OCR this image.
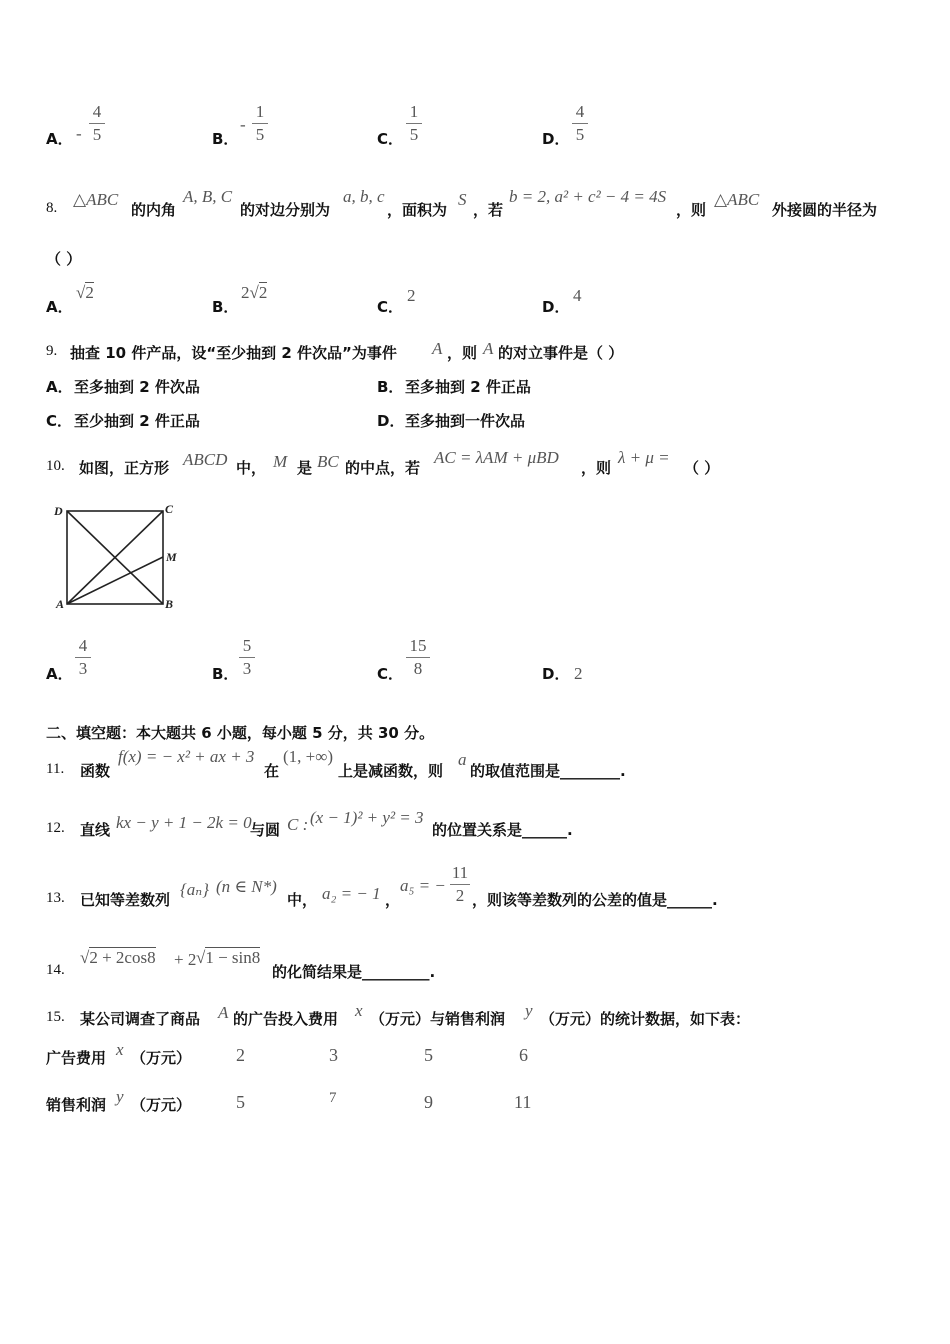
A． -
4
5	B．
-
1
5	C．
1
5	D．
4
5
8. △ABC
的内角
A, B, C
的对边分别为
a, b, c
，面积为
S
，若
b = 2, a² + c² − 4 = 4S
，则
△ABC
外接圆的半径为
（ ）
A．
√2
B．
2√2
C．
2
D．
4
9. 抽查 10 件产品，设“至少抽到 2 件次品”为事件 A ，则 A 的对立事件是（ ）
A． 至多抽到 2 件次品	B． 至多抽到 2 件正品
C． 至少抽到 2 件正品	D． 至多抽到一件次品
10. 如图，正方形 ABCD 中， M 是 BC 的中点，若
AC = λAM + μBD
，则
λ + μ =
（ ）
D	C
M
A	B
A．
4
3	B．
5
3	C．
15
8	D． 2
二、填空题：本大题共 6 小题，每小题 5 分，共 30 分。
11. 函数
f(x) = − x² + ax + 3
在
(1, +∞)
上是减函数，则
a
的取值范围是________.
12. 直线 kx − y + 1 − 2k = 0
与圆 C : (x − 1)² + y² = 3
的位置关系是______.
13. 已知等差数列
{aₙ} (n ∈ N*)
中， a₂ = − 1 ，
a₅ = −
11
2 ，则该等差数列的公差的值是______.
14.
√2 + 2cos8 + 2 √1 − sin8
的化简结果是_________.
15. 某公司调查了商品 A 的广告投入费用 x （万元）与销售利润 y （万元）的统计数据，如下表：
广告费用 x （万元） 2	3	5	6
销售利润 y （万元） 5	7	9	11
